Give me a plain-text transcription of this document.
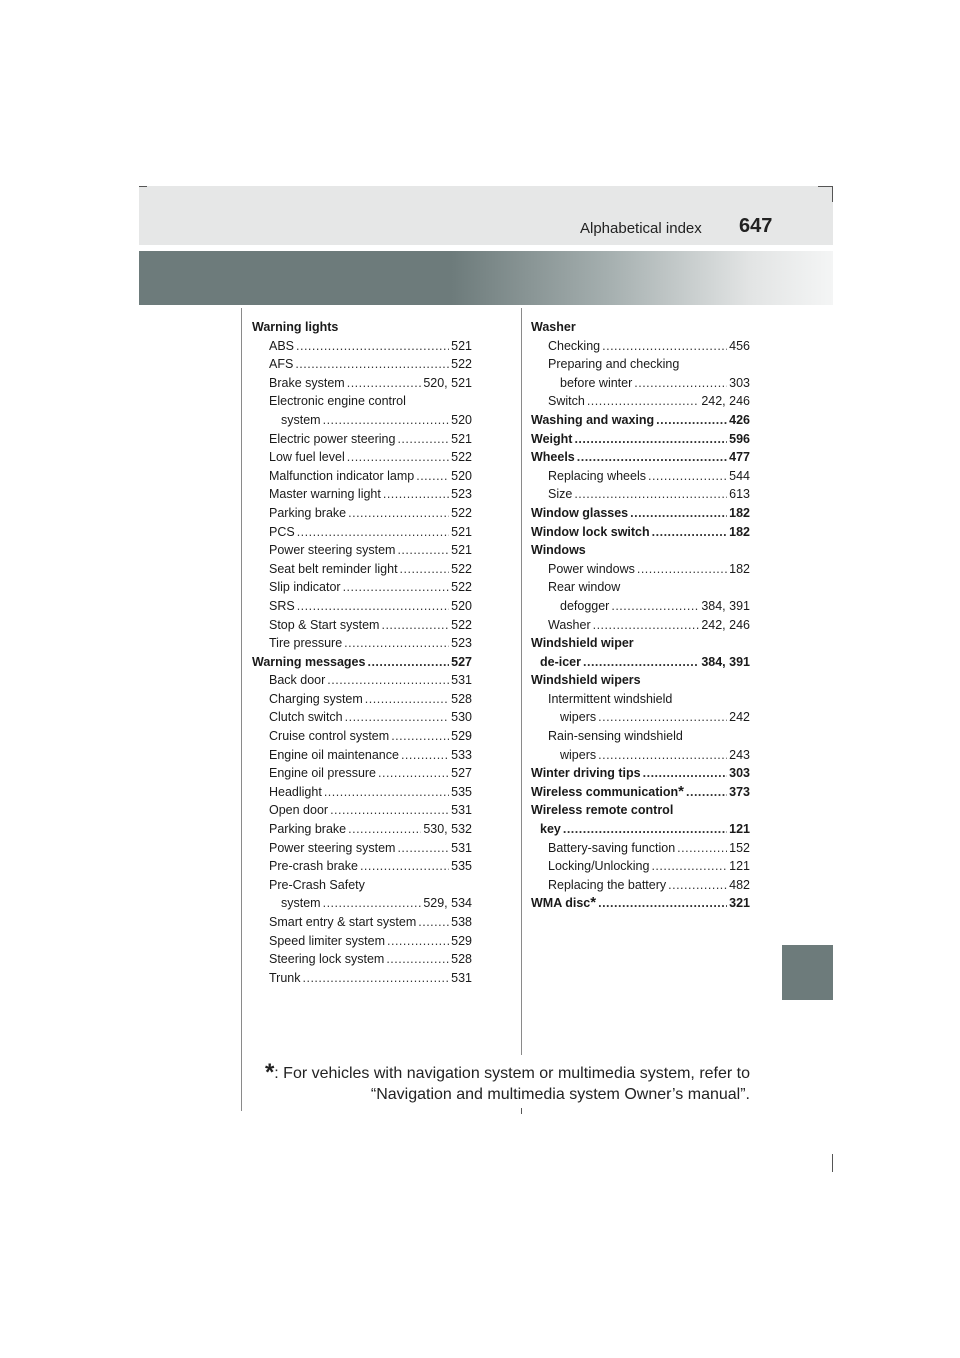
Alphabetical index 647
Warning lights
ABS .....	521
AFS .....	522
Brake system .....	520, 521
Electronic engine control
system .....	520
Electric power steering .....	521
Low fuel level .....	522
Malfunction indicator lamp .....	520
Master warning light .....	523
Parking brake .....	522
PCS .....	521
Power steering system .....	521
Seat belt reminder light .....	522
Slip indicator .....	522
SRS .....	520
Stop & Start system .....	522
Tire pressure .....	523
Warning messages .....	527
Back door .....	531
Charging system .....	528
Clutch switch .....	530
Cruise control system .....	529
Engine oil maintenance .....	533
Engine oil pressure .....	527
Headlight .....	535
Open door .....	531
Parking brake .....	530, 532
Power steering system .....	531
Pre-crash brake .....	535
Pre-Crash Safety
system .....	529, 534
Smart entry & start system .....	538
Speed limiter system .....	529
Steering lock system .....	528
Trunk .....	531
Washer
Checking .....	456
Preparing and checking
before winter .....	303
Switch .....	242, 246
Washing and waxing .....	426
Weight .....	596
Wheels .....	477
Replacing wheels .....	544
Size .....	613
Window glasses .....	182
Window lock switch .....	182
Windows
Power windows .....	182
Rear window
defogger .....	384, 391
Washer .....	242, 246
Windshield wiper
de-icer .....	384, 391
Windshield wipers
Intermittent windshield
wipers .....	242
Rain-sensing windshield
wipers .....	243
Winter driving tips .....	303
Wireless communication * .....	373
Wireless remote control
key .....	121
Battery-saving function .....	152
Locking/Unlocking .....	121
Replacing the battery .....	482
WMA disc * .....	321
*: For vehicles with navigation system or multimedia system, refer to
“Navigation and multimedia system Owner’s manual”.
